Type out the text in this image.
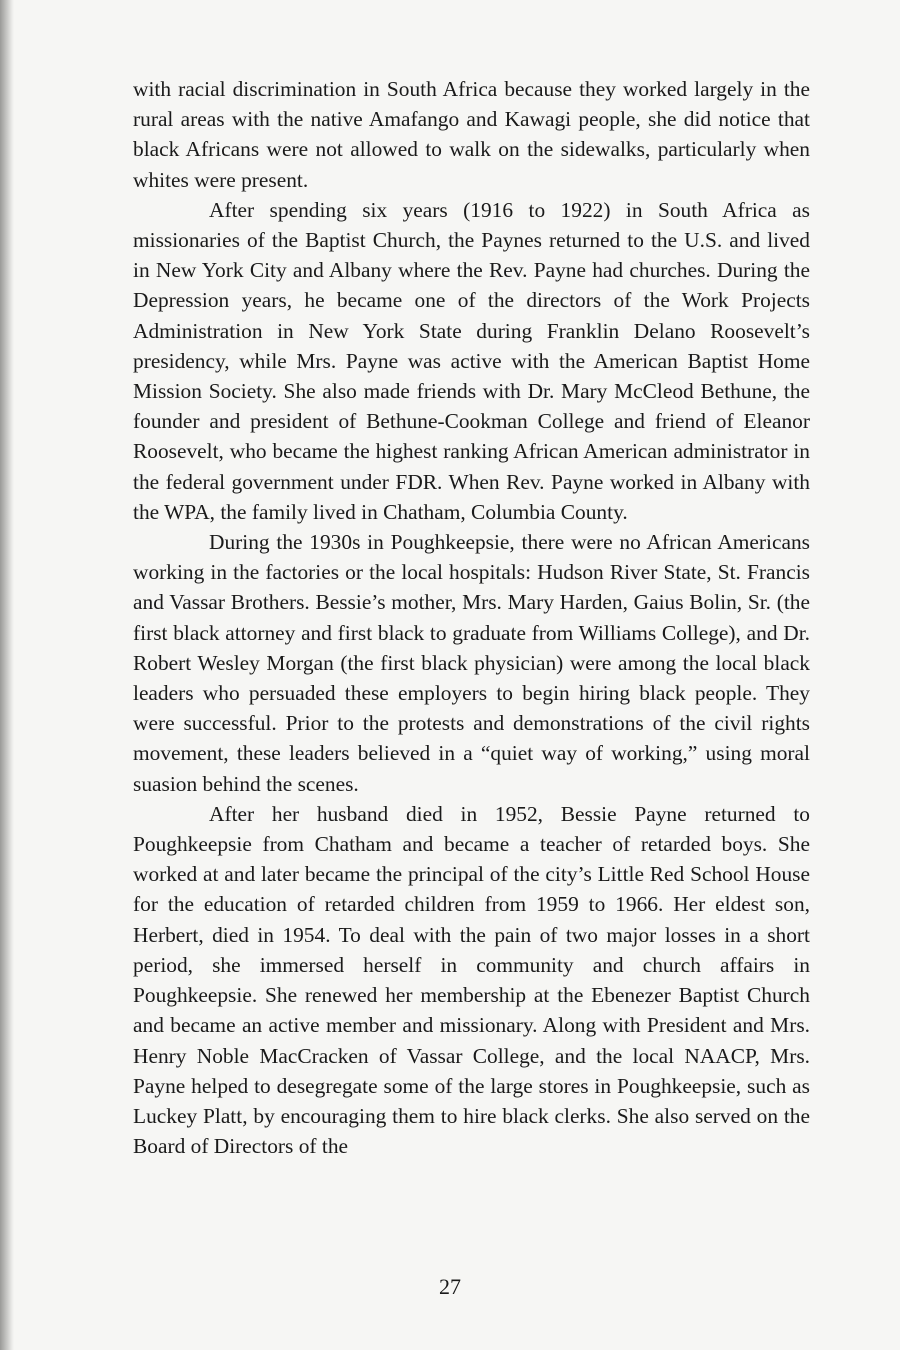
with racial discrimination in South Africa because they worked largely in the rural areas with the native Amafango and Kawagi people, she did notice that black Africans were not allowed to walk on the sidewalks, particularly when whites were present.

After spending six years (1916 to 1922) in South Africa as missionaries of the Baptist Church, the Paynes returned to the U.S. and lived in New York City and Albany where the Rev. Payne had churches. During the Depression years, he became one of the directors of the Work Projects Administration in New York State during Franklin Delano Roosevelt’s presidency, while Mrs. Payne was active with the American Baptist Home Mission Society. She also made friends with Dr. Mary McCleod Bethune, the founder and president of Bethune-Cookman College and friend of Eleanor Roosevelt, who became the highest ranking African American administrator in the federal government under FDR. When Rev. Payne worked in Albany with the WPA, the family lived in Chatham, Columbia County.

During the 1930s in Poughkeepsie, there were no African Americans working in the factories or the local hospitals: Hudson River State, St. Francis and Vassar Brothers. Bessie’s mother, Mrs. Mary Harden, Gaius Bolin, Sr. (the first black attorney and first black to graduate from Williams College), and Dr. Robert Wesley Morgan (the first black physician) were among the local black leaders who persuaded these employers to begin hiring black people. They were successful. Prior to the protests and demonstrations of the civil rights movement, these leaders believed in a “quiet way of working,” using moral suasion behind the scenes.

After her husband died in 1952, Bessie Payne returned to Poughkeepsie from Chatham and became a teacher of retarded boys. She worked at and later became the principal of the city’s Little Red School House for the education of retarded children from 1959 to 1966. Her eldest son, Herbert, died in 1954. To deal with the pain of two major losses in a short period, she immersed herself in community and church affairs in Poughkeepsie. She renewed her membership at the Ebenezer Baptist Church and became an active member and missionary. Along with President and Mrs. Henry Noble MacCracken of Vassar College, and the local NAACP, Mrs. Payne helped to desegregate some of the large stores in Poughkeepsie, such as Luckey Platt, by encouraging them to hire black clerks. She also served on the Board of Directors of the

27
